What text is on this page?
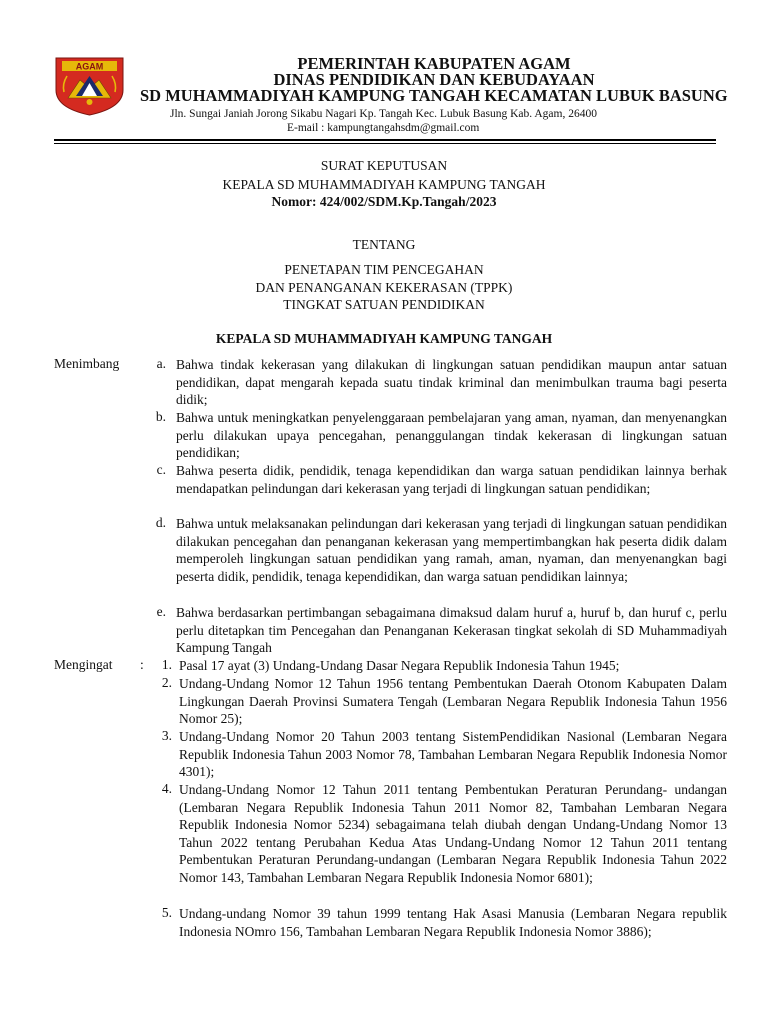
AGAM	PEMERINTAH KABUPATEN AGAM
DINAS PENDIDIKAN DAN KEBUDAYAAN
SD MUHAMMADIYAH KAMPUNG TANGAH KECAMATAN LUBUK BASUNG
Jln. Sungai Janiah Jorong Sikabu Nagari Kp. Tangah Kec. Lubuk Basung Kab. Agam, 26400
E-mail : kampungtangahsdm@gmail.com
SURAT KEPUTUSAN
KEPALA SD MUHAMMADIYAH KAMPUNG TANGAH
Nomor: 424/002/SDM.Kp.Tangah/2023
TENTANG
PENETAPAN TIM PENCEGAHAN
DAN PENANGANAN KEKERASAN (TPPK)
TINGKAT SATUAN PENDIDIKAN
KEPALA SD MUHAMMADIYAH KAMPUNG TANGAH
Menimbang	a. Bahwa tindak kekerasan yang dilakukan di lingkungan satuan pendidikan maupun antar satuan pendidikan, dapat mengarah kepada suatu tindak kriminal dan menimbulkan trauma bagi peserta didik;
b. Bahwa untuk meningkatkan penyelenggaraan pembelajaran yang aman, nyaman, dan menyenangkan perlu dilakukan upaya pencegahan, penanggulangan tindak kekerasan di lingkungan satuan pendidikan;
c. Bahwa peserta didik, pendidik, tenaga kependidikan dan warga satuan pendidikan lainnya berhak mendapatkan pelindungan dari kekerasan yang terjadi di lingkungan satuan pendidikan;
d. Bahwa untuk melaksanakan pelindungan dari kekerasan yang terjadi di lingkungan satuan pendidikan dilakukan pencegahan dan penanganan kekerasan yang mempertimbangkan hak peserta didik dalam memperoleh lingkungan satuan pendidikan yang ramah, aman, nyaman, dan menyenangkan bagi peserta didik, pendidik, tenaga kependidikan, dan warga satuan pendidikan lainnya;
e. Bahwa berdasarkan pertimbangan sebagaimana dimaksud dalam huruf a, huruf b, dan huruf c, perlu perlu ditetapkan tim Pencegahan dan Penanganan Kekerasan tingkat sekolah di SD Muhammadiyah Kampung Tangah
Mengingat :	1. Pasal 17 ayat (3) Undang-Undang Dasar Negara Republik Indonesia Tahun 1945;
2. Undang-Undang Nomor 12 Tahun 1956 tentang Pembentukan Daerah Otonom Kabupaten Dalam Lingkungan Daerah Provinsi Sumatera Tengah (Lembaran Negara Republik Indonesia Tahun 1956 Nomor 25);
3. Undang-Undang Nomor 20 Tahun 2003 tentang SistemPendidikan Nasional (Lembaran Negara Republik Indonesia Tahun 2003 Nomor 78, Tambahan Lembaran Negara Republik Indonesia Nomor 4301);
4. Undang-Undang Nomor 12 Tahun 2011 tentang Pembentukan Peraturan Perundang- undangan (Lembaran Negara Republik Indonesia Tahun 2011 Nomor 82, Tambahan Lembaran Negara Republik Indonesia Nomor 5234) sebagaimana telah diubah dengan Undang-Undang Nomor 13 Tahun 2022 tentang Perubahan Kedua Atas Undang-Undang Nomor 12 Tahun 2011 tentang Pembentukan Peraturan Perundang-undangan (Lembaran Negara Republik Indonesia Tahun 2022 Nomor 143, Tambahan Lembaran Negara Republik Indonesia Nomor 6801);
5. Undang-undang Nomor 39 tahun 1999 tentang Hak Asasi Manusia (Lembaran Negara republik Indonesia NOmro 156, Tambahan Lembaran Negara Republik Indonesia Nomor 3886);
